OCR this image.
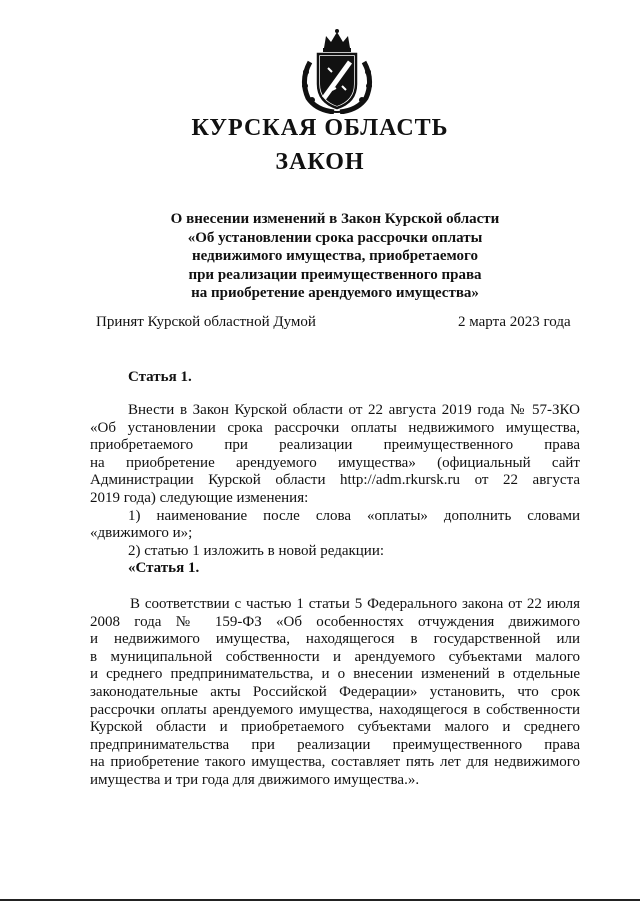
КУРСКАЯ ОБЛАСТЬ
ЗАКОН
О внесении изменений в Закон Курской области
«Об установлении срока рассрочки оплаты
недвижимого имущества, приобретаемого
при реализации преимущественного права
на приобретение арендуемого имущества»
Принят Курской областной Думой	2 марта 2023 года
Статья 1.
Внести в Закон Курской области от 22 августа 2019 года № 57-ЗКО
«Об установлении срока рассрочки оплаты недвижимого имущества,
приобретаемого при реализации преимущественного права
на приобретение арендуемого имущества» (официальный сайт
Администрации Курской области http://adm.rkursk.ru от 22 августа
2019 года) следующие изменения:
1) наименование после слова «оплаты» дополнить словами
«движимого и»;
2) статью 1 изложить в новой редакции:
«Статья 1.
В соответствии с частью 1 статьи 5 Федерального закона от 22 июля
2008 года № 159-ФЗ «Об особенностях отчуждения движимого
и недвижимого имущества, находящегося в государственной или
в муниципальной собственности и арендуемого субъектами малого
и среднего предпринимательства, и о внесении изменений в отдельные
законодательные акты Российской Федерации» установить, что срок
рассрочки оплаты арендуемого имущества, находящегося в собственности
Курской области и приобретаемого субъектами малого и среднего
предпринимательства при реализации преимущественного права
на приобретение такого имущества, составляет пять лет для недвижимого
имущества и три года для движимого имущества.».
